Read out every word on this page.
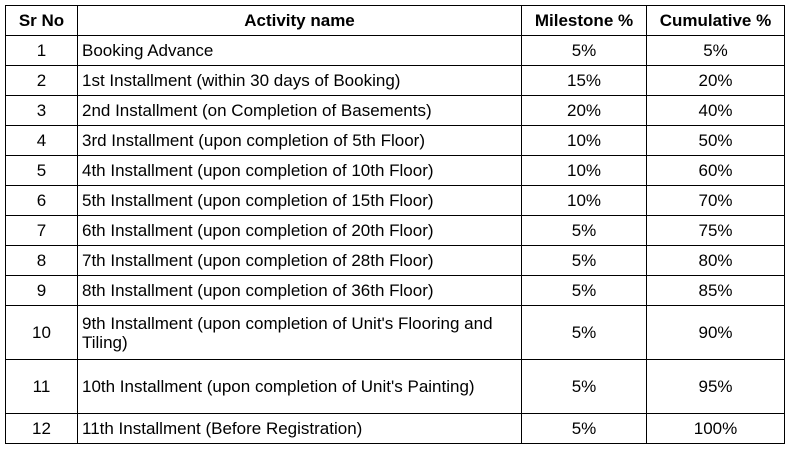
Sr No	Activity name	Milestone %	Cumulative %
1	Booking Advance	5%	5%
2	1st Installment (within 30 days of Booking)	15%	20%
3	2nd Installment (on Completion of Basements)	20%	40%
4	3rd Installment (upon completion of 5th Floor)	10%	50%
5	4th Installment (upon completion of 10th Floor)	10%	60%
6	5th Installment (upon completion of 15th Floor)	10%	70%
7	6th Installment (upon completion of 20th Floor)	5%	75%
8	7th Installment (upon completion of 28th Floor)	5%	80%
9	8th Installment (upon completion of 36th Floor)	5%	85%
10	9th Installment (upon completion of Unit's Flooring and Tiling)	5%	90%
11	10th Installment (upon completion of Unit's Painting)	5%	95%
12	11th Installment (Before Registration)	5%	100%
